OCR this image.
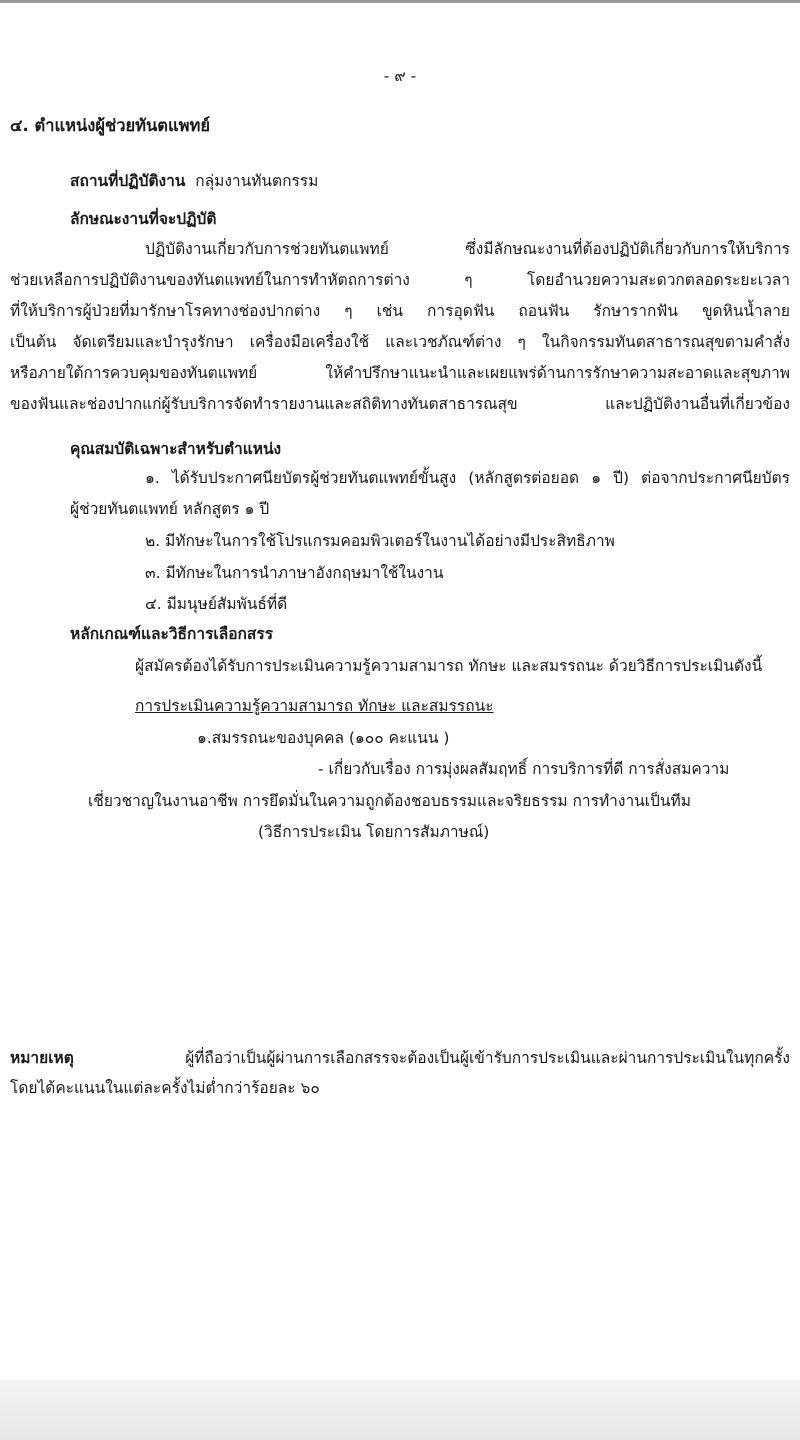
- ๙ -
๔. ตำแหน่งผู้ช่วยทันตแพทย์
สถานที่ปฏิบัติงาน กลุ่มงานทันตกรรม
ลักษณะงานที่จะปฏิบัติ
ปฏิบัติงานเกี่ยวกับการช่วยทันตแพทย์ ซึ่งมีลักษณะงานที่ต้องปฏิบัติเกี่ยวกับการให้บริการ
ช่วยเหลือการปฏิบัติงานของทันตแพทย์ในการทำหัตถการต่าง ๆ โดยอำนวยความสะดวกตลอดระยะเวลา
ที่ให้บริการผู้ป่วยที่มารักษาโรคทางช่องปากต่าง ๆ เช่น การอุดฟัน ถอนฟัน รักษารากฟัน ขูดหินน้ำลาย
เป็นต้น จัดเตรียมและบำรุงรักษา เครื่องมือเครื่องใช้ และเวชภัณฑ์ต่าง ๆ ในกิจกรรมทันตสาธารณสุขตามคำสั่ง
หรือภายใต้การควบคุมของทันตแพทย์ ให้คำปรึกษาแนะนำและเผยแพร่ด้านการรักษาความสะอาดและสุขภาพ
ของฟันและช่องปากแก่ผู้รับบริการจัดทำรายงานและสถิติทางทันตสาธารณสุข และปฏิบัติงานอื่นที่เกี่ยวข้อง
คุณสมบัติเฉพาะสำหรับตำแหน่ง
๑. ได้รับประกาศนียบัตรผู้ช่วยทันตแพทย์ขั้นสูง (หลักสูตรต่อยอด ๑ ปี) ต่อจากประกาศนียบัตร
ผู้ช่วยทันตแพทย์ หลักสูตร ๑ ปี
๒. มีทักษะในการใช้โปรแกรมคอมพิวเตอร์ในงานได้อย่างมีประสิทธิภาพ
๓. มีทักษะในการนำภาษาอังกฤษมาใช้ในงาน
๔. มีมนุษย์สัมพันธ์ที่ดี
หลักเกณฑ์และวิธีการเลือกสรร
ผู้สมัครต้องได้รับการประเมินความรู้ความสามารถ ทักษะ และสมรรถนะ ด้วยวิธีการประเมินดังนี้
การประเมินความรู้ความสามารถ ทักษะ และสมรรถนะ
๑.สมรรถนะของบุคคล (๑๐๐ คะแนน )
- เกี่ยวกับเรื่อง การมุ่งผลสัมฤทธิ์ การบริการที่ดี การสั่งสมความ
เชี่ยวชาญในงานอาชีพ การยึดมั่นในความถูกต้องชอบธรรมและจริยธรรม การทำงานเป็นทีม
(วิธีการประเมิน โดยการสัมภาษณ์)
หมายเหตุ	ผู้ที่ถือว่าเป็นผู้ผ่านการเลือกสรรจะต้องเป็นผู้เข้ารับการประเมินและผ่านการประเมินในทุกครั้ง
โดยได้คะแนนในแต่ละครั้งไม่ต่ำกว่าร้อยละ ๖๐
